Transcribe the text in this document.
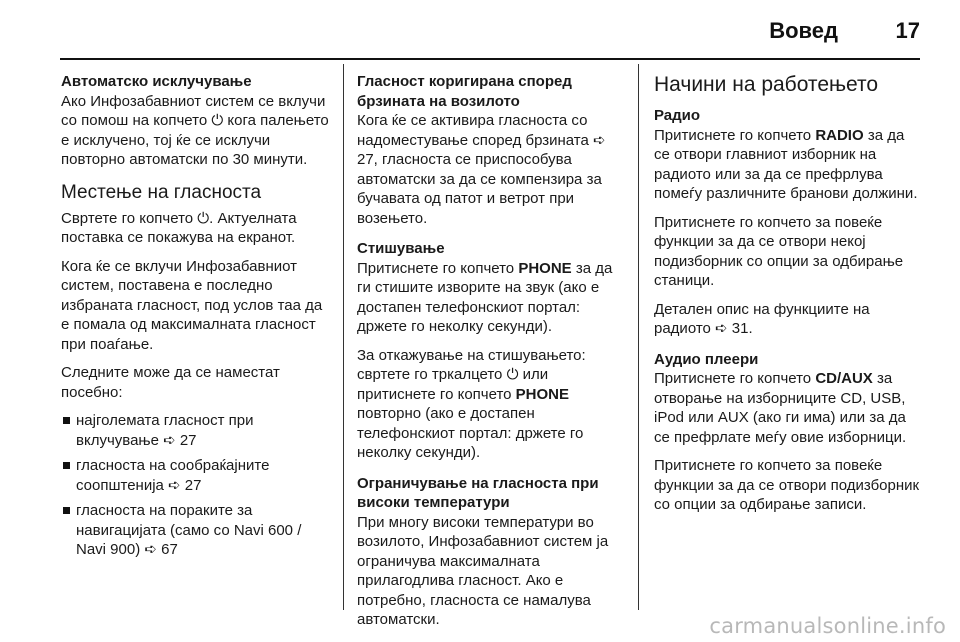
Вовед	17
Автоматско исклучување

Ако Инфозабавниот систем се вклучи со помош на копчето ⏻ кога палењето е исклучено, тој ќе се исклучи повторно автоматски по 30 минути.

Местење на гласноста

Свртете го копчето ⏻. Актуелната поставка се покажува на екранот.

Кога ќе се вклучи Инфозабавниот систем, поставена е последно избраната гласност, под услов таа да е помала од максималната гласност при поаѓање.

Следните може да се наместат посебно:

најголемата гласност при вклучување ➪ 27
гласноста на сообраќајните соопштенија ➪ 27
гласноста на пораките за навигацијата (само со Navi 600 / Navi 900) ➪ 67
Гласност коригирана според брзината на возилото

Кога ќе се активира гласноста со надоместување според брзината ➪ 27, гласноста се приспособува автоматски за да се компензира за бучавата од патот и ветрот при возењето.

Стишување

Притиснете го копчето PHONE за да ги стишите изворите на звук (ако е достапен телефонскиот портал: држете го неколку секунди).

За откажување на стишувањето: свртете го тркалцето ⏻ или притиснете го копчето PHONE повторно (ако е достапен телефонскиот портал: држете го неколку секунди).

Ограничување на гласноста при високи температури

При многу високи температури во возилото, Инфозабавниот систем ја ограничува максималната прилагодлива гласност. Ако е потребно, гласноста се намалува автоматски.

Начини на работењето
Радио

Притиснете го копчето RADIO за да се отвори главниот изборник на радиото или за да се префрлува помеѓу различните бранови должини.

Притиснете го копчето за повеќе функции за да се отвори некој подизборник со опции за одбирање станици.

Детален опис на функциите на радиото ➪ 31.

Аудио плеери

Притиснете го копчето CD/AUX за отворање на изборниците CD, USB, iPod или AUX (ако ги има) или за да се префрлате меѓу овие изборници.

Притиснете го копчето за повеќе функции за да се отвори подизборник со опции за одбирање записи.

carmanualsonline.info
